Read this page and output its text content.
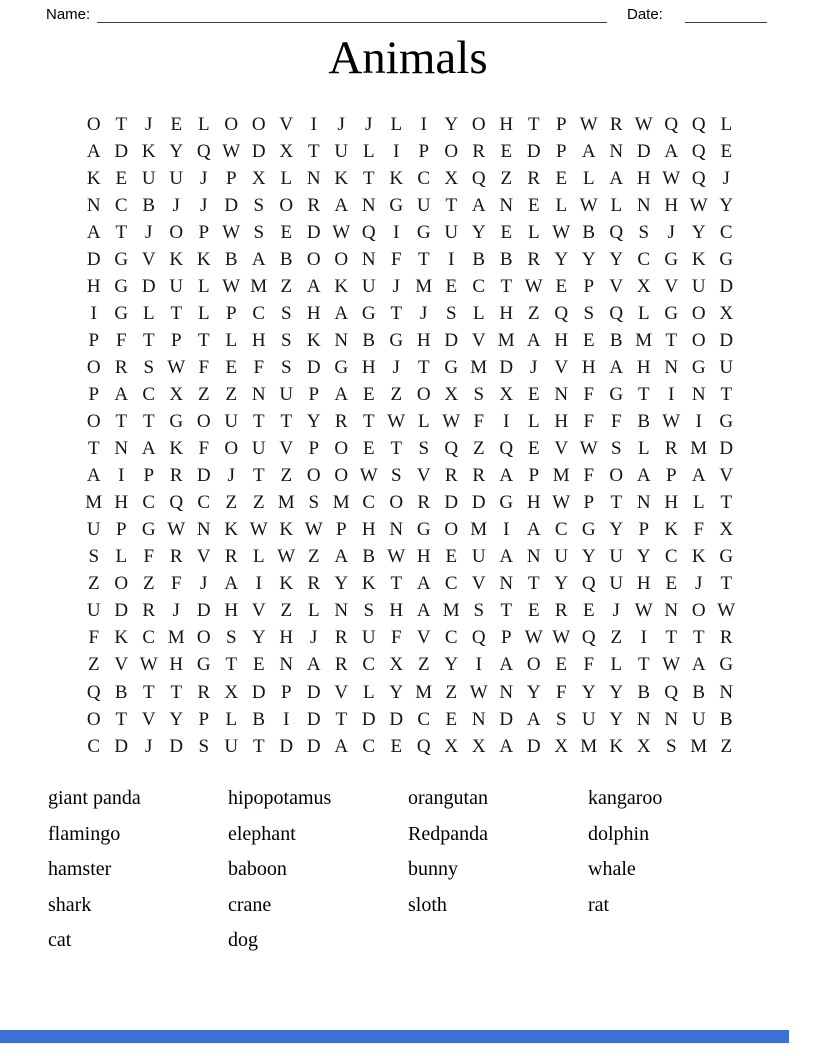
Name:	Date:
Animals
O T J E L O O V I	J	J L I Y O H T P W R W Q Q L
A D K Y Q W D X T U L I	P O R E D P A N D A Q E
K E U U J P X L N K T K C X Q Z R E L A H W Q J
N C B J	J D S O R A N G U T A N E L W L N H W Y
A T J O P W S E D W Q I G U Y E L W B Q S J Y C
D G V K K B A B O O N F T I B B R Y Y Y C G K G
H G D U L W M Z A K U J M E C T W E P V X V U D
I G L T L P C S H A G T J S L H Z Q S Q L G O X
P F T P T L H S K N B G H D V M A H E B M T O D
O R S W F E F S D G H J T G M D J V H A H N G U
P A C X Z Z N U P A E Z O X S X E N F G T I N T
O T T G O U T T Y R T W L W F	I L H F F B W I G
T N A K F O U V P O E T S Q Z Q E V W S L R M D
A I	P R D J T Z O O W S V R R A P M F O A P A V
M H C Q C Z Z M S M C O R D D G H W P T N H L T
U P G W N K W K W P H N G O M I A C G Y P K F X
S L F R V R L W Z A B W H E U A N U Y U Y C K G
Z O Z F J A I K R Y K T A C V N T Y Q U H E J T
U D R J D H V Z L N S H A M S T E R E J W N O W
F K C M O S Y H J R U F V C Q P W W Q Z I T T R
Z V W H G T E N A R C X Z Y I A O E F L T W A G
Q B T T R X D P D V L Y M Z W N Y F Y Y B Q B N
O T V Y P L B I D T D D C E N D A S U Y N N U B
C D J D S U T D D A C E Q X X A D X M K X S M Z
giant panda
flamingo
hamster
shark
cat
hipopotamus
elephant
baboon
crane
dog
orangutan
Redpanda
bunny
sloth
kangaroo
dolphin
whale
rat
